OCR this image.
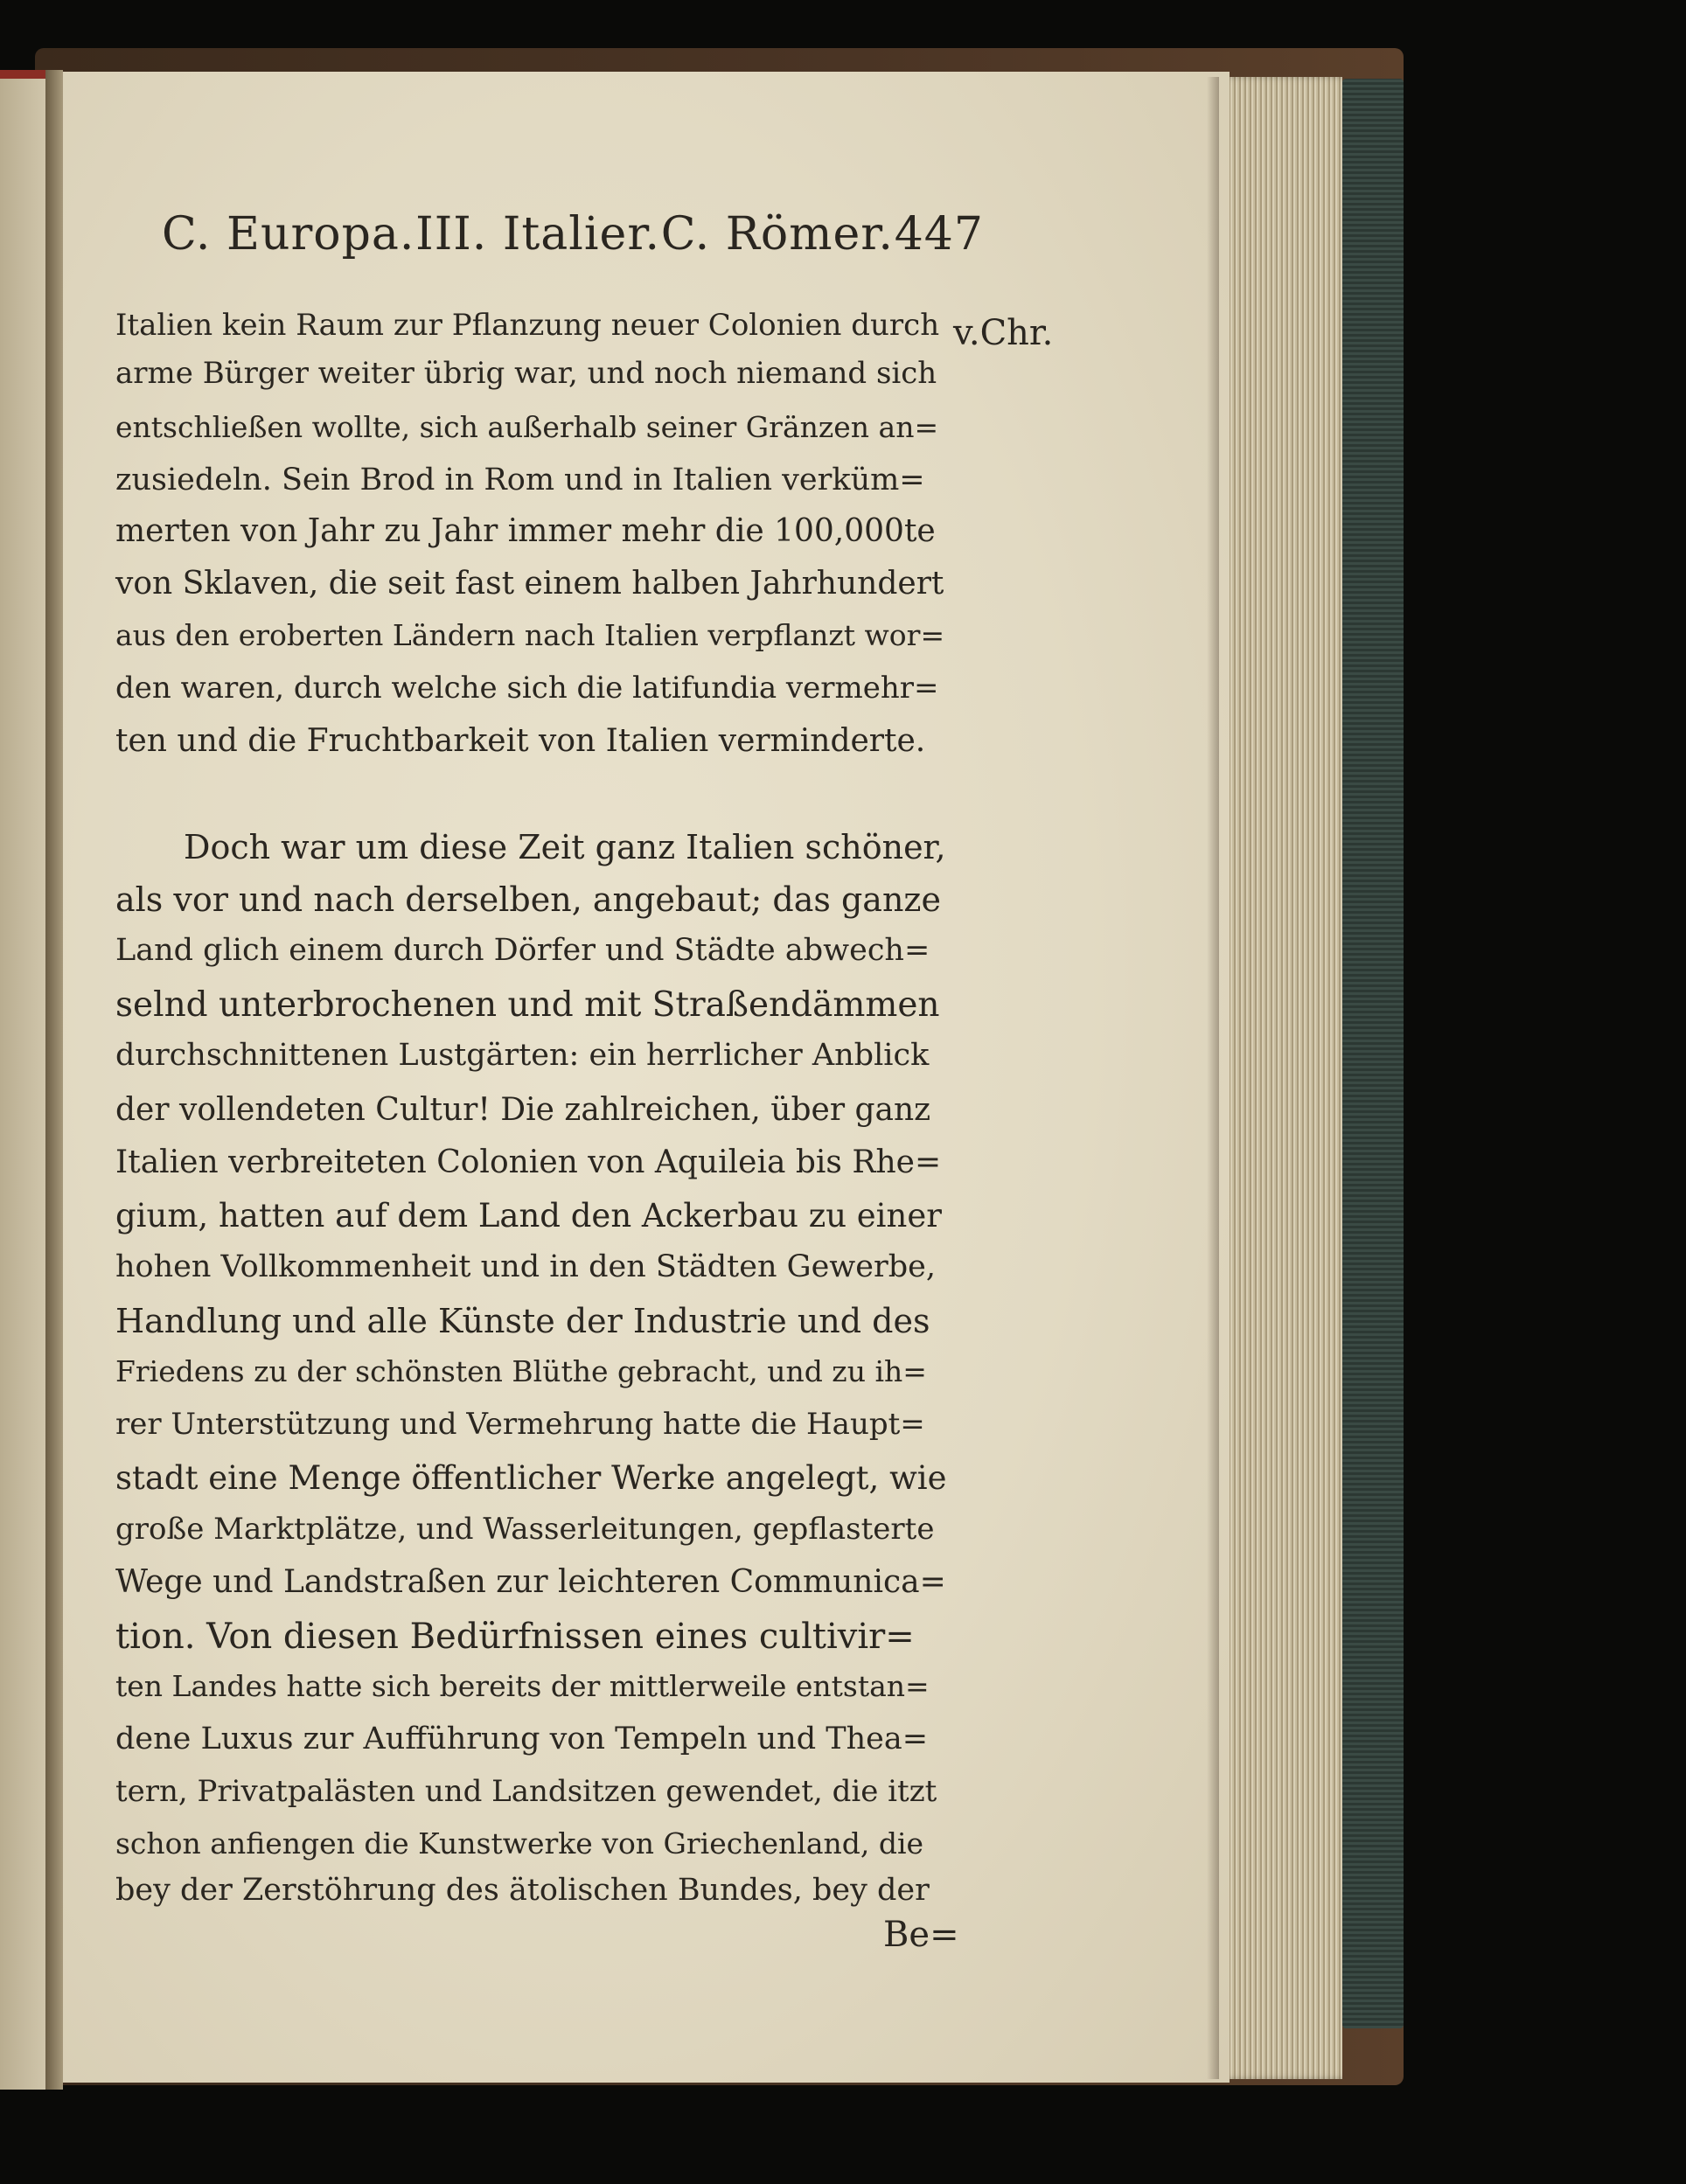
C. Europa. III. Italier. C. Römer. 447
v.Chr.
Italien kein Raum zur Pflanzung neuer Colonien durch
arme Bürger weiter übrig war, und noch niemand sich
entschließen wollte, sich außerhalb seiner Gränzen an=
zusiedeln. Sein Brod in Rom und in Italien verküm=
merten von Jahr zu Jahr immer mehr die 100,000te
von Sklaven, die seit fast einem halben Jahrhundert
aus den eroberten Ländern nach Italien verpflanzt wor=
den waren, durch welche sich die latifundia vermehr=
ten und die Fruchtbarkeit von Italien verminderte.
Doch war um diese Zeit ganz Italien schöner,
als vor und nach derselben, angebaut; das ganze
Land glich einem durch Dörfer und Städte abwech=
selnd unterbrochenen und mit Straßendämmen
durchschnittenen Lustgärten: ein herrlicher Anblick
der vollendeten Cultur! Die zahlreichen, über ganz
Italien verbreiteten Colonien von Aquileia bis Rhe=
gium, hatten auf dem Land den Ackerbau zu einer
hohen Vollkommenheit und in den Städten Gewerbe,
Handlung und alle Künste der Industrie und des
Friedens zu der schönsten Blüthe gebracht, und zu ih=
rer Unterstützung und Vermehrung hatte die Haupt=
stadt eine Menge öffentlicher Werke angelegt, wie
große Marktplätze, und Wasserleitungen, gepflasterte
Wege und Landstraßen zur leichteren Communica=
tion. Von diesen Bedürfnissen eines cultivir=
ten Landes hatte sich bereits der mittlerweile entstan=
dene Luxus zur Aufführung von Tempeln und Thea=
tern, Privatpalästen und Landsitzen gewendet, die itzt
schon anfiengen die Kunstwerke von Griechenland, die
bey der Zerstöhrung des ätolischen Bundes, bey der
Be=
